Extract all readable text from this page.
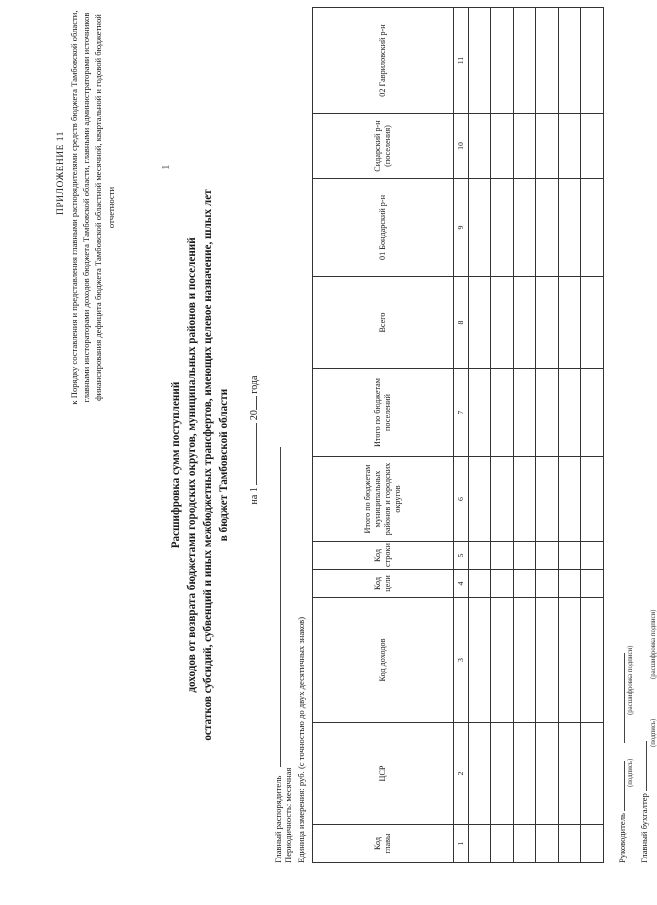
1
ПРИЛОЖЕНИЕ 11 к Порядку составления и представления главными распорядителями средств бюджета Тамбовской области, главными инстораторами доходов бюджета Тамбовской области, главными администраторами источников финансирования дефицита бюджета Тамбовской областной месячной, квартальной и годовой бюджетной отчетности
Расшифровка сумм поступлений доходов от возврата бюджетами городских округов, муниципальных районов и поселений остатков субсидий, субвенций и иных межбюджетных трансфертов, имеющих целевое назначение, шлых лет в бюджет Тамбовской области	на 1  20 года
Главный распорядитель Периодичность: месячная Единица измерения: руб. (с точностью до двух десятичных знаков)	Код главы	ЦСР	Код доходов	Код цели	Код строки	Итого по бюджетам муниципальных районов и городских округов	Итого по бюджетам поселений	Всего	01 Бондарский р-н	Сидарский р-н (поселения)	02 Гавриловский р-н
1	2	3	4	5	6	7	8	9	10	11

Руководитель
(подпись)
(расшифровка подписи)
Главный бухгалтер
(подпись)
(расшифровка подписи)
